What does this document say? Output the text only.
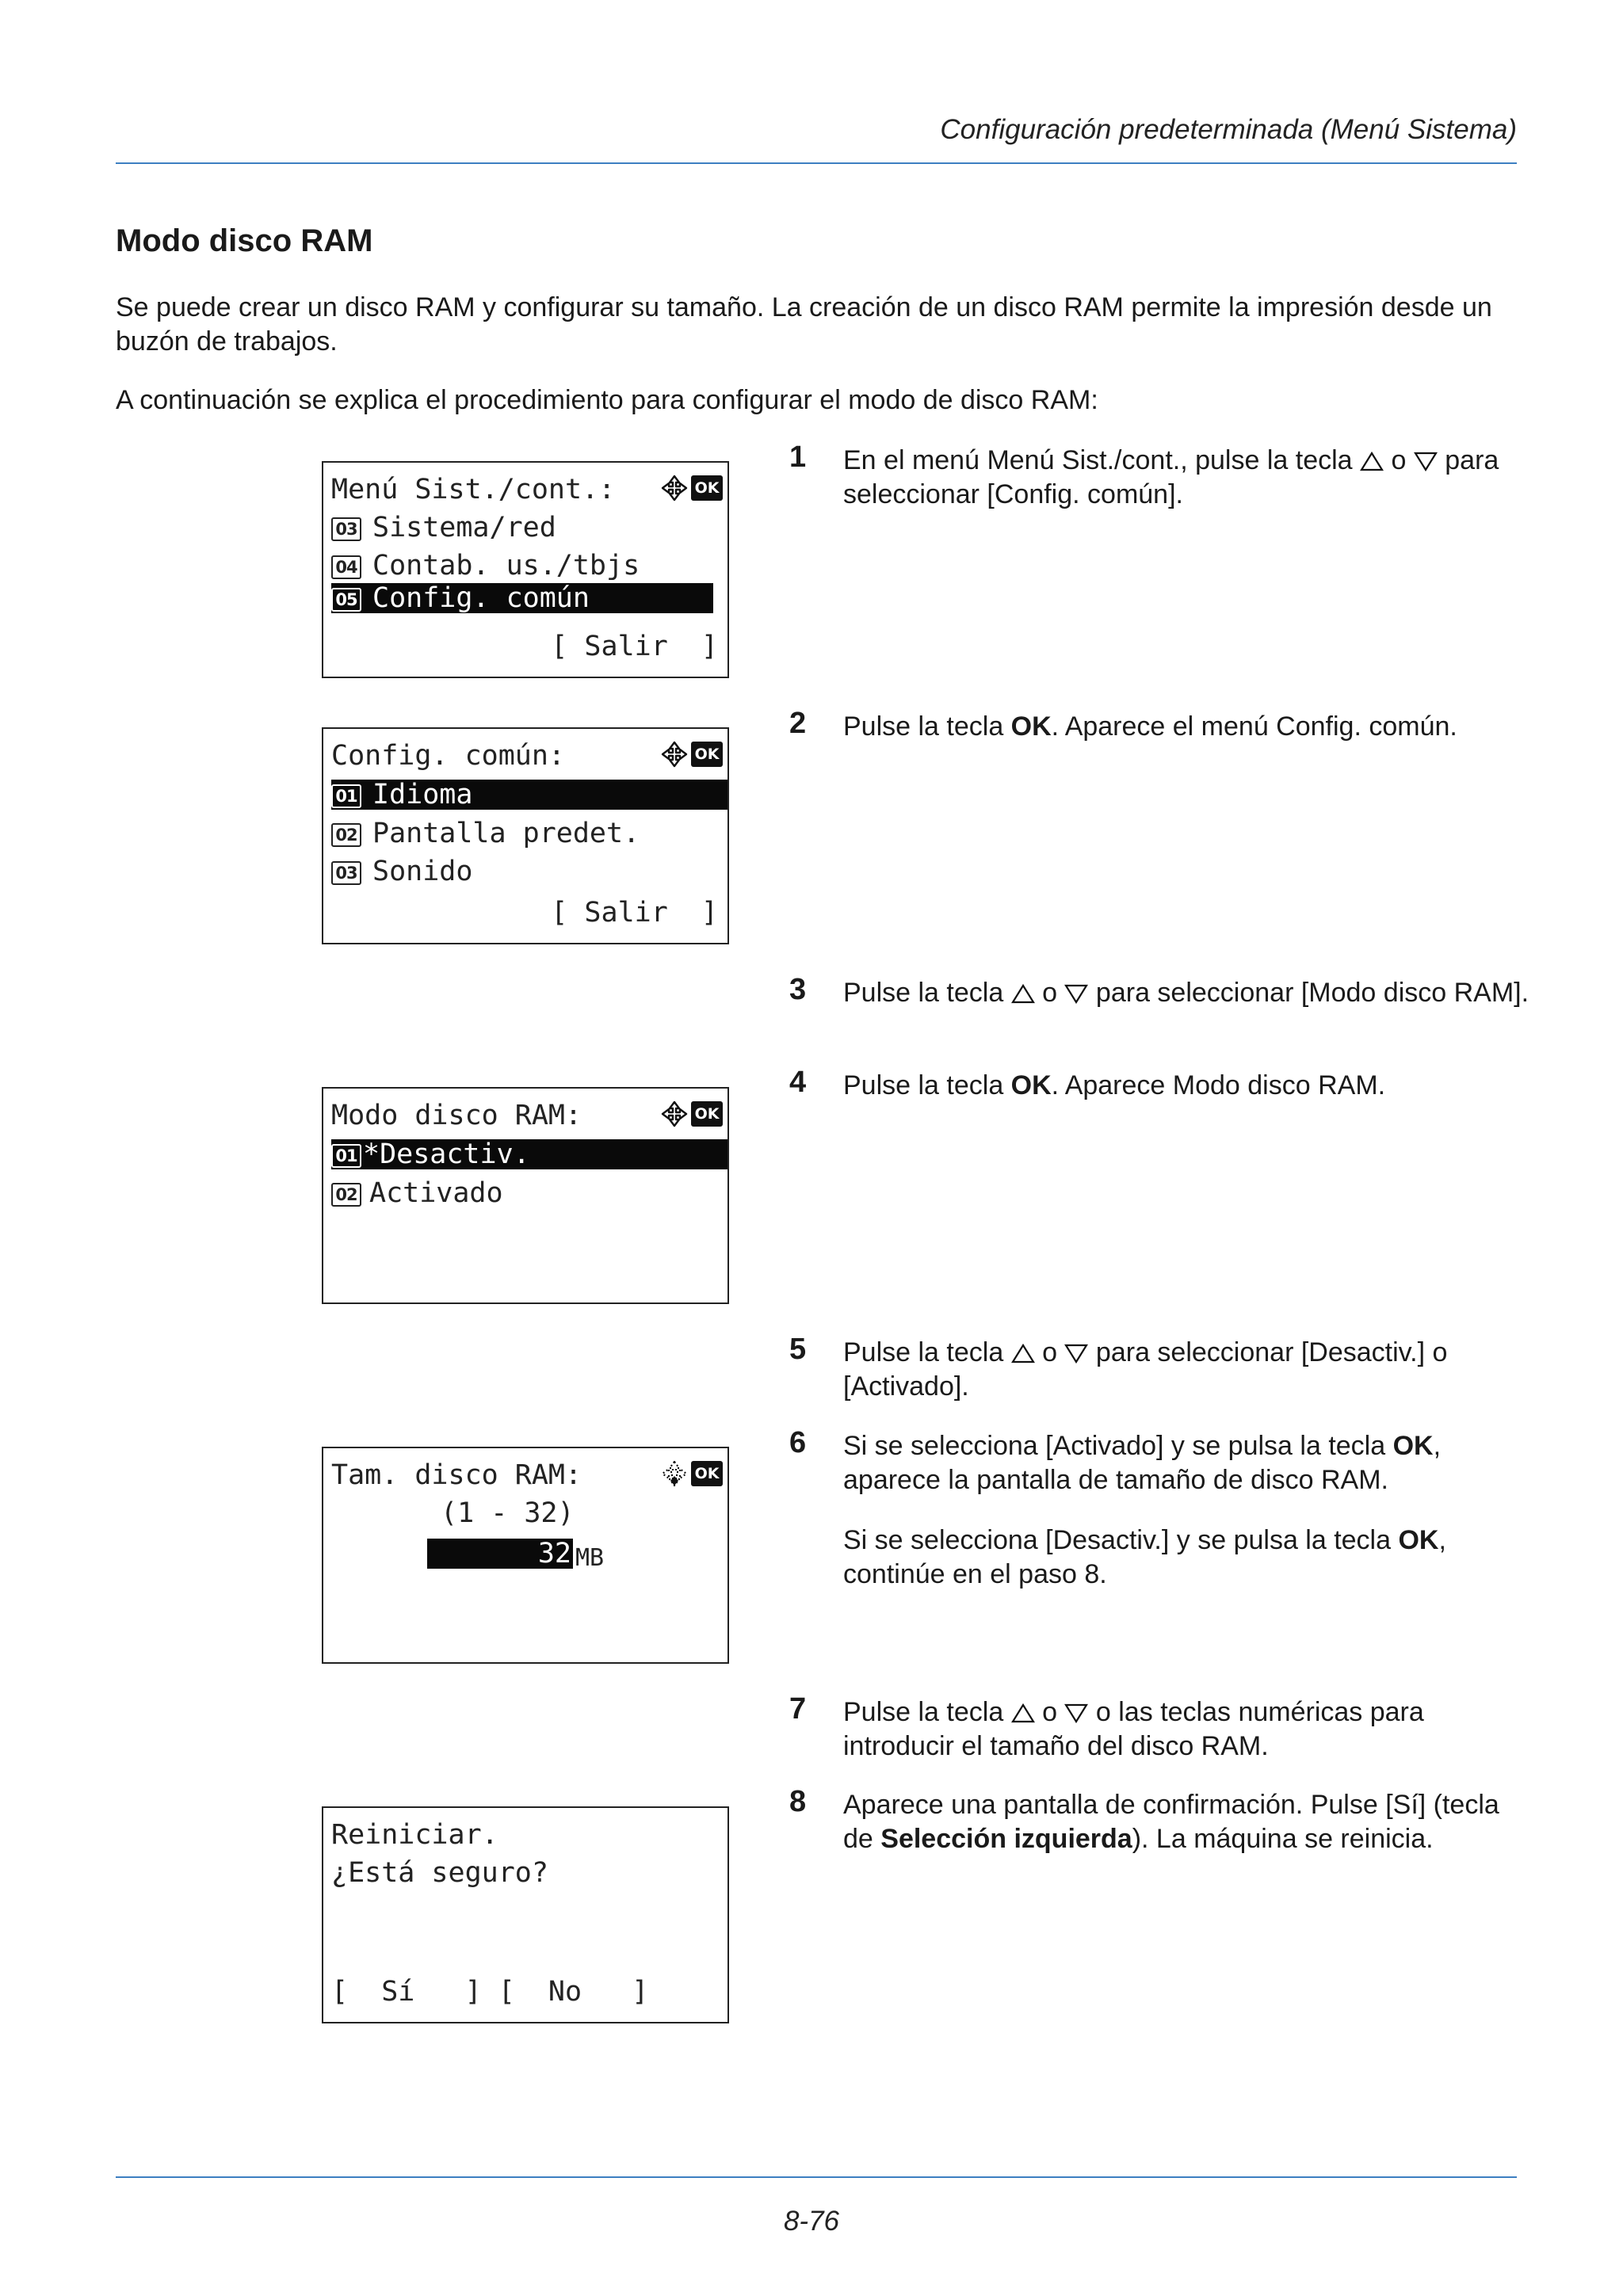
Configuración predeterminada (Menú Sistema)
Modo disco RAM

Se puede crear un disco RAM y configurar su tamaño. La creación de un disco RAM permite la impresión desde un buzón de trabajos.

A continuación se explica el procedimiento para configurar el modo de disco RAM:

Menú Sist./cont.:	OK
03 Sistema/red
04 Contab. us./tbjs
05 Config. común
[ Salir  ]
Config. común:	OK
01 Idioma
02 Pantalla predet.
03 Sonido
[ Salir  ]
Modo disco RAM:	OK
01 *Desactiv.
02 Activado
Tam. disco RAM:	OK
(1 - 32)
32 MB
Reiniciar.
¿Está seguro?
[  Sí   ] [  No   ]
1 En el menú Menú Sist./cont., pulse la tecla  o  para seleccionar [Config. común].
2 Pulse la tecla OK. Aparece el menú Config. común.
3 Pulse la tecla  o  para seleccionar [Modo disco RAM].
4 Pulse la tecla OK. Aparece Modo disco RAM.
5 Pulse la tecla  o  para seleccionar [Desactiv.] o [Activado].
6 Si se selecciona [Activado] y se pulsa la tecla OK, aparece la pantalla de tamaño de disco RAM.

Si se selecciona [Desactiv.] y se pulsa la tecla OK, continúe en el paso 8.

7 Pulse la tecla  o  o las teclas numéricas para introducir el tamaño del disco RAM.
8 Aparece una pantalla de confirmación. Pulse [Sí] (tecla de Selección izquierda). La máquina se reinicia.
8-76
